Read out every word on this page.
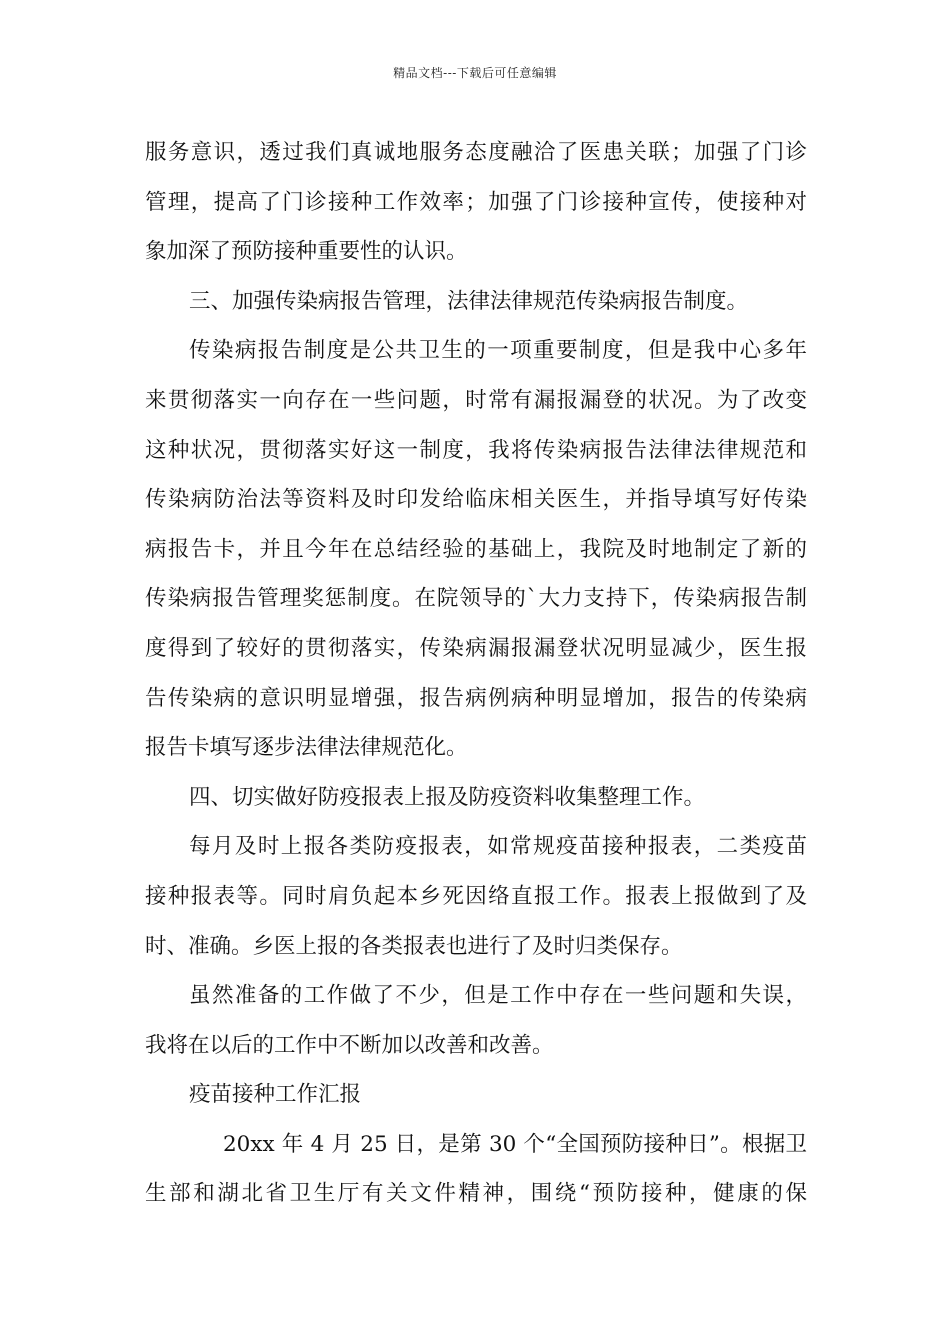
精品文档---下载后可任意编辑
服务意识，透过我们真诚地服务态度融洽了医患关联；加强了门诊
管理，提高了门诊接种工作效率；加强了门诊接种宣传，使接种对
象加深了预防接种重要性的认识。
三、加强传染病报告管理，法律法律规范传染病报告制度。
传染病报告制度是公共卫生的一项重要制度，但是我中心多年
来贯彻落实一向存在一些问题，时常有漏报漏登的状况。为了改变
这种状况，贯彻落实好这一制度，我将传染病报告法律法律规范和
传染病防治法等资料及时印发给临床相关医生，并指导填写好传染
病报告卡，并且今年在总结经验的基础上，我院及时地制定了新的
传染病报告管理奖惩制度。在院领导的`大力支持下，传染病报告制
度得到了较好的贯彻落实，传染病漏报漏登状况明显减少，医生报
告传染病的意识明显增强，报告病例病种明显增加，报告的传染病
报告卡填写逐步法律法律规范化。
四、切实做好防疫报表上报及防疫资料收集整理工作。
每月及时上报各类防疫报表，如常规疫苗接种报表，二类疫苗
接种报表等。同时肩负起本乡死因络直报工作。报表上报做到了及
时、准确。乡医上报的各类报表也进行了及时归类保存。
虽然准备的工作做了不少，但是工作中存在一些问题和失误，
我将在以后的工作中不断加以改善和改善。
疫苗接种工作汇报
20xx 年 4 月 25 日，是第 30 个“全国预防接种日”。根据卫
生部和湖北省卫生厅有关文件精神，围绕“预防接种，健康的保
